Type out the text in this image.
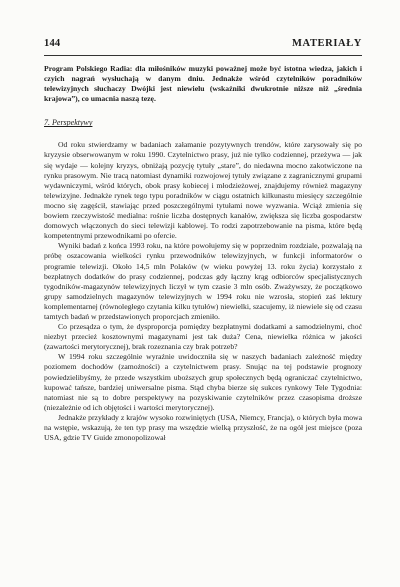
144	MATERIAŁY

Program Polskiego Radia: dla miłośników muzyki poważnej może być istotna wiedza, jakich i czyich nagrań wysłuchają w danym dniu. Jednakże wśród czytelników poradników telewizyjnych słuchaczy Dwójki jest niewielu (wskaźniki dwukrotnie niższe niż „średnia krajowa”), co umacnia naszą tezę.

7. Perspektywy

Od roku stwierdzamy w badaniach załamanie pozytywnych trendów, które zarysowały się po kryzysie obserwowanym w roku 1990. Czytelnictwo prasy, już nie tylko codziennej, przeżywa — jak się wydaje — kolejny kryzys, obniżają pozycję tytuły „stare”, do niedawna mocno zakotwiczone na rynku prasowym. Nie tracą natomiast dynamiki rozwojowej tytuły związane z zagranicznymi grupami wydawniczymi, wśród których, obok prasy kobiecej i młodzieżowej, znajdujemy również magazyny telewizyjne. Jednakże rynek tego typu poradników w ciągu ostatnich kilkunastu miesięcy szczególnie mocno się zagęścił, stawiając przed poszczególnymi tytułami nowe wyzwania. Wciąż zmienia się bowiem rzeczywistość medialna: rośnie liczba dostępnych kanałów, zwiększa się liczba gospodarstw domowych włączonych do sieci telewizji kablowej. To rodzi zapotrzebowanie na pisma, które będą kompetentnymi przewodnikami po ofercie.

Wyniki badań z końca 1993 roku, na które powołujemy się w poprzednim rozdziale, pozwalają na próbę oszacowania wielkości rynku przewodników telewizyjnych, w funkcji informatorów o programie telewizji. Około 14,5 mln Polaków (w wieku powyżej 13. roku życia) korzystało z bezpłatnych dodatków do prasy codziennej, podczas gdy łączny krąg odbiorców specjalistycznych tygodników-magazynów telewizyjnych liczył w tym czasie 3 mln osób. Zważywszy, że początkowo grupy samodzielnych magazynów telewizyjnych w 1994 roku nie wzrosła, stopień zaś lektury komplementarnej (równoległego czytania kilku tytułów) niewielki, szacujemy, iż niewiele się od czasu tamtych badań w przedstawionych proporcjach zmieniło.

Co przesądza o tym, że dysproporcja pomiędzy bezpłatnymi dodatkami a samodzielnymi, choć niezbyt przecież kosztownymi magazynami jest tak duża? Cena, niewielka różnica w jakości (zawartości merytorycznej), brak rozeznania czy brak potrzeb?

W 1994 roku szczególnie wyraźnie uwidoczniła się w naszych badaniach zależność między poziomem dochodów (zamożności) a czytelnictwem prasy. Snując na tej podstawie prognozy powiedzielibyśmy, że przede wszystkim uboższych grup społecznych będą ograniczać czytelnictwo, kupować tańsze, bardziej uniwersalne pisma. Stąd chyba bierze się sukces rynkowy Tele Tygodnia: natomiast nie są to dobre perspektywy na pozyskiwanie czytelników przez czasopisma droższe (niezależnie od ich objętości i wartości merytorycznej).

Jednakże przykłady z krajów wysoko rozwiniętych (USA, Niemcy, Francja), o których była mowa na wstępie, wskazują, że ten typ prasy ma wszędzie wielką przyszłość, że na ogół jest miejsce (poza USA, gdzie TV Guide zmonopolizował
